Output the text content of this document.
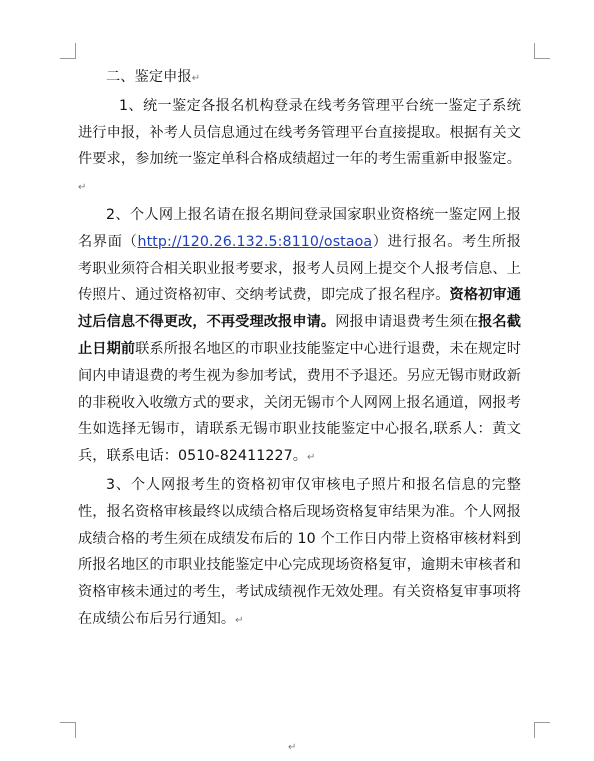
二、鉴定申报↵

1、统一鉴定各报名机构登录在线考务管理平台统一鉴定子系统进行申报，补考人员信息通过在线考务管理平台直接提取。根据有关文件要求，参加统一鉴定单科合格成绩超过一年的考生需重新申报鉴定。↵

2、个人网上报名请在报名期间登录国家职业资格统一鉴定网上报名界面（http://120.26.132.5:8110/ostaoa）进行报名。考生所报考职业须符合相关职业报考要求，报考人员网上提交个人报考信息、上传照片、通过资格初审、交纳考试费，即完成了报名程序。资格初审通过后信息不得更改，不再受理改报申请。网报申请退费考生须在报名截止日期前联系所报名地区的市职业技能鉴定中心进行退费，未在规定时间内申请退费的考生视为参加考试，费用不予退还。另应无锡市财政新的非税收入收缴方式的要求，关闭无锡市个人网网上报名通道，网报考生如选择无锡市，请联系无锡市职业技能鉴定中心报名,联系人：黄文兵，联系电话：0510-82411227。↵

3、个人网报考生的资格初审仅审核电子照片和报名信息的完整性，报名资格审核最终以成绩合格后现场资格复审结果为准。个人网报成绩合格的考生须在成绩发布后的 10 个工作日内带上资格审核材料到所报名地区的市职业技能鉴定中心完成现场资格复审，逾期未审核者和资格审核未通过的考生，考试成绩视作无效处理。有关资格复审事项将在成绩公布后另行通知。↵

↵
